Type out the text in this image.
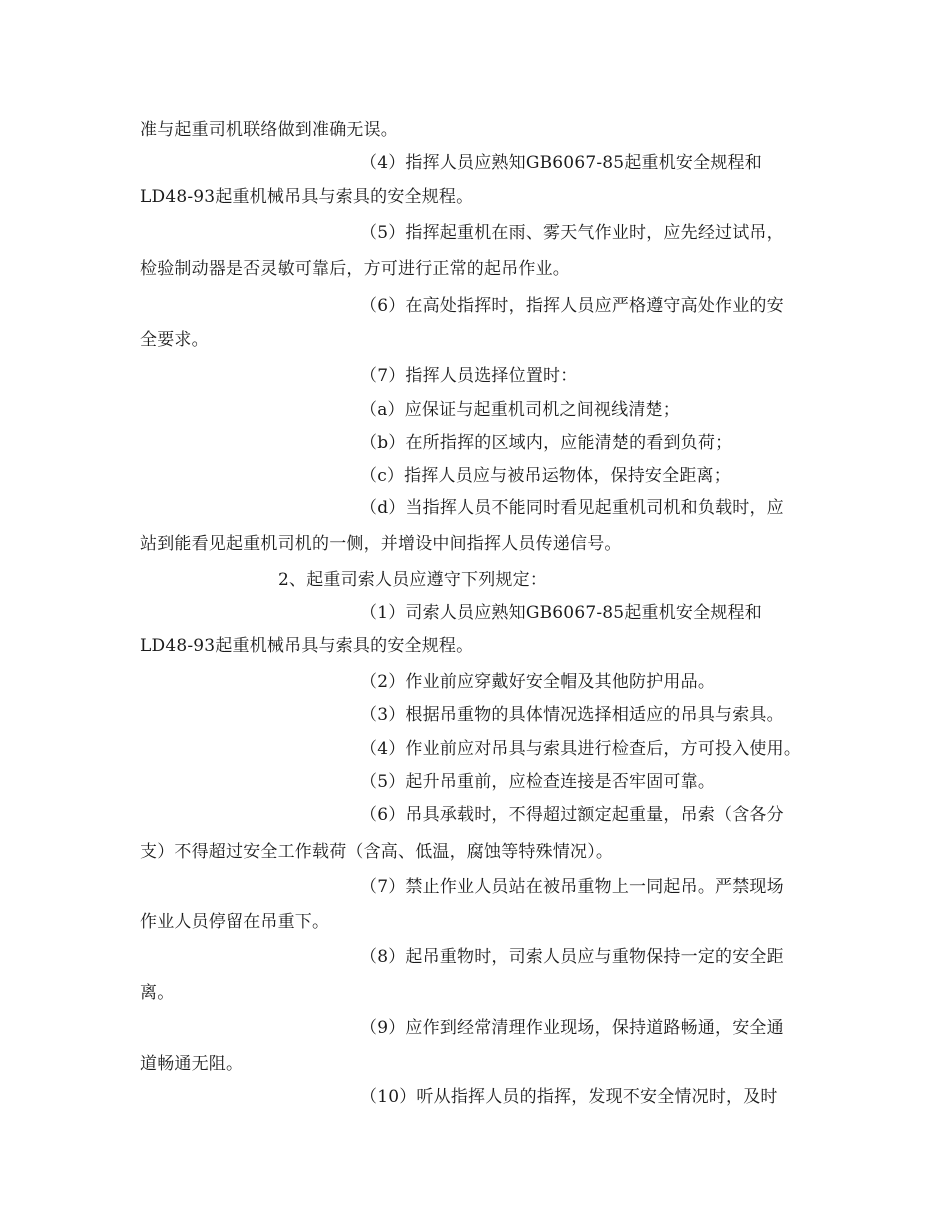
准与起重司机联络做到准确无误。
（4）指挥人员应熟知GB6067-85起重机安全规程和
LD48-93起重机械吊具与索具的安全规程。
（5）指挥起重机在雨、雾天气作业时，应先经过试吊，
检验制动器是否灵敏可靠后，方可进行正常的起吊作业。
（6）在高处指挥时，指挥人员应严格遵守高处作业的安
全要求。
（7）指挥人员选择位置时：
（a）应保证与起重机司机之间视线清楚；
（b）在所指挥的区域内，应能清楚的看到负荷；
（c）指挥人员应与被吊运物体，保持安全距离；
（d）当指挥人员不能同时看见起重机司机和负载时，应
站到能看见起重机司机的一侧，并增设中间指挥人员传递信号。
2、起重司索人员应遵守下列规定：
（1）司索人员应熟知GB6067-85起重机安全规程和
LD48-93起重机械吊具与索具的安全规程。
（2）作业前应穿戴好安全帽及其他防护用品。
（3）根据吊重物的具体情况选择相适应的吊具与索具。
（4）作业前应对吊具与索具进行检查后，方可投入使用。
（5）起升吊重前，应检查连接是否牢固可靠。
（6）吊具承载时，不得超过额定起重量，吊索（含各分
支）不得超过安全工作载荷（含高、低温，腐蚀等特殊情况）。
（7）禁止作业人员站在被吊重物上一同起吊。严禁现场
作业人员停留在吊重下。
（8）起吊重物时，司索人员应与重物保持一定的安全距
离。
（9）应作到经常清理作业现场，保持道路畅通，安全通
道畅通无阻。
（10）听从指挥人员的指挥，发现不安全情况时，及时
